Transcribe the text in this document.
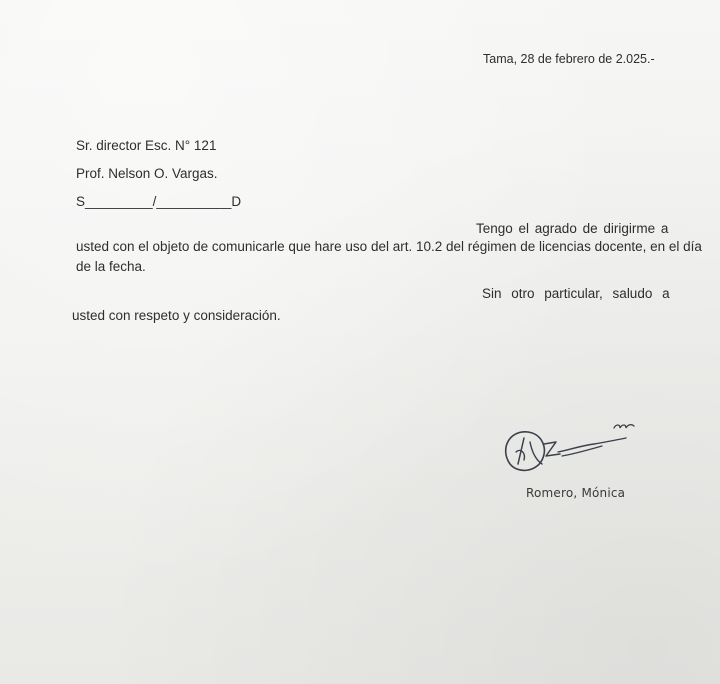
Tama, 28 de febrero de 2.025.-
Sr. director Esc. N° 121
Prof. Nelson O. Vargas.
S_________/__________D
Tengo el agrado de dirigirme a
usted con el objeto de comunicarle que hare uso del art. 10.2 del régimen de licencias docente, en el día
de la fecha.
Sin otro particular, saludo a
usted con respeto y consideración.
Romero, Mónica
